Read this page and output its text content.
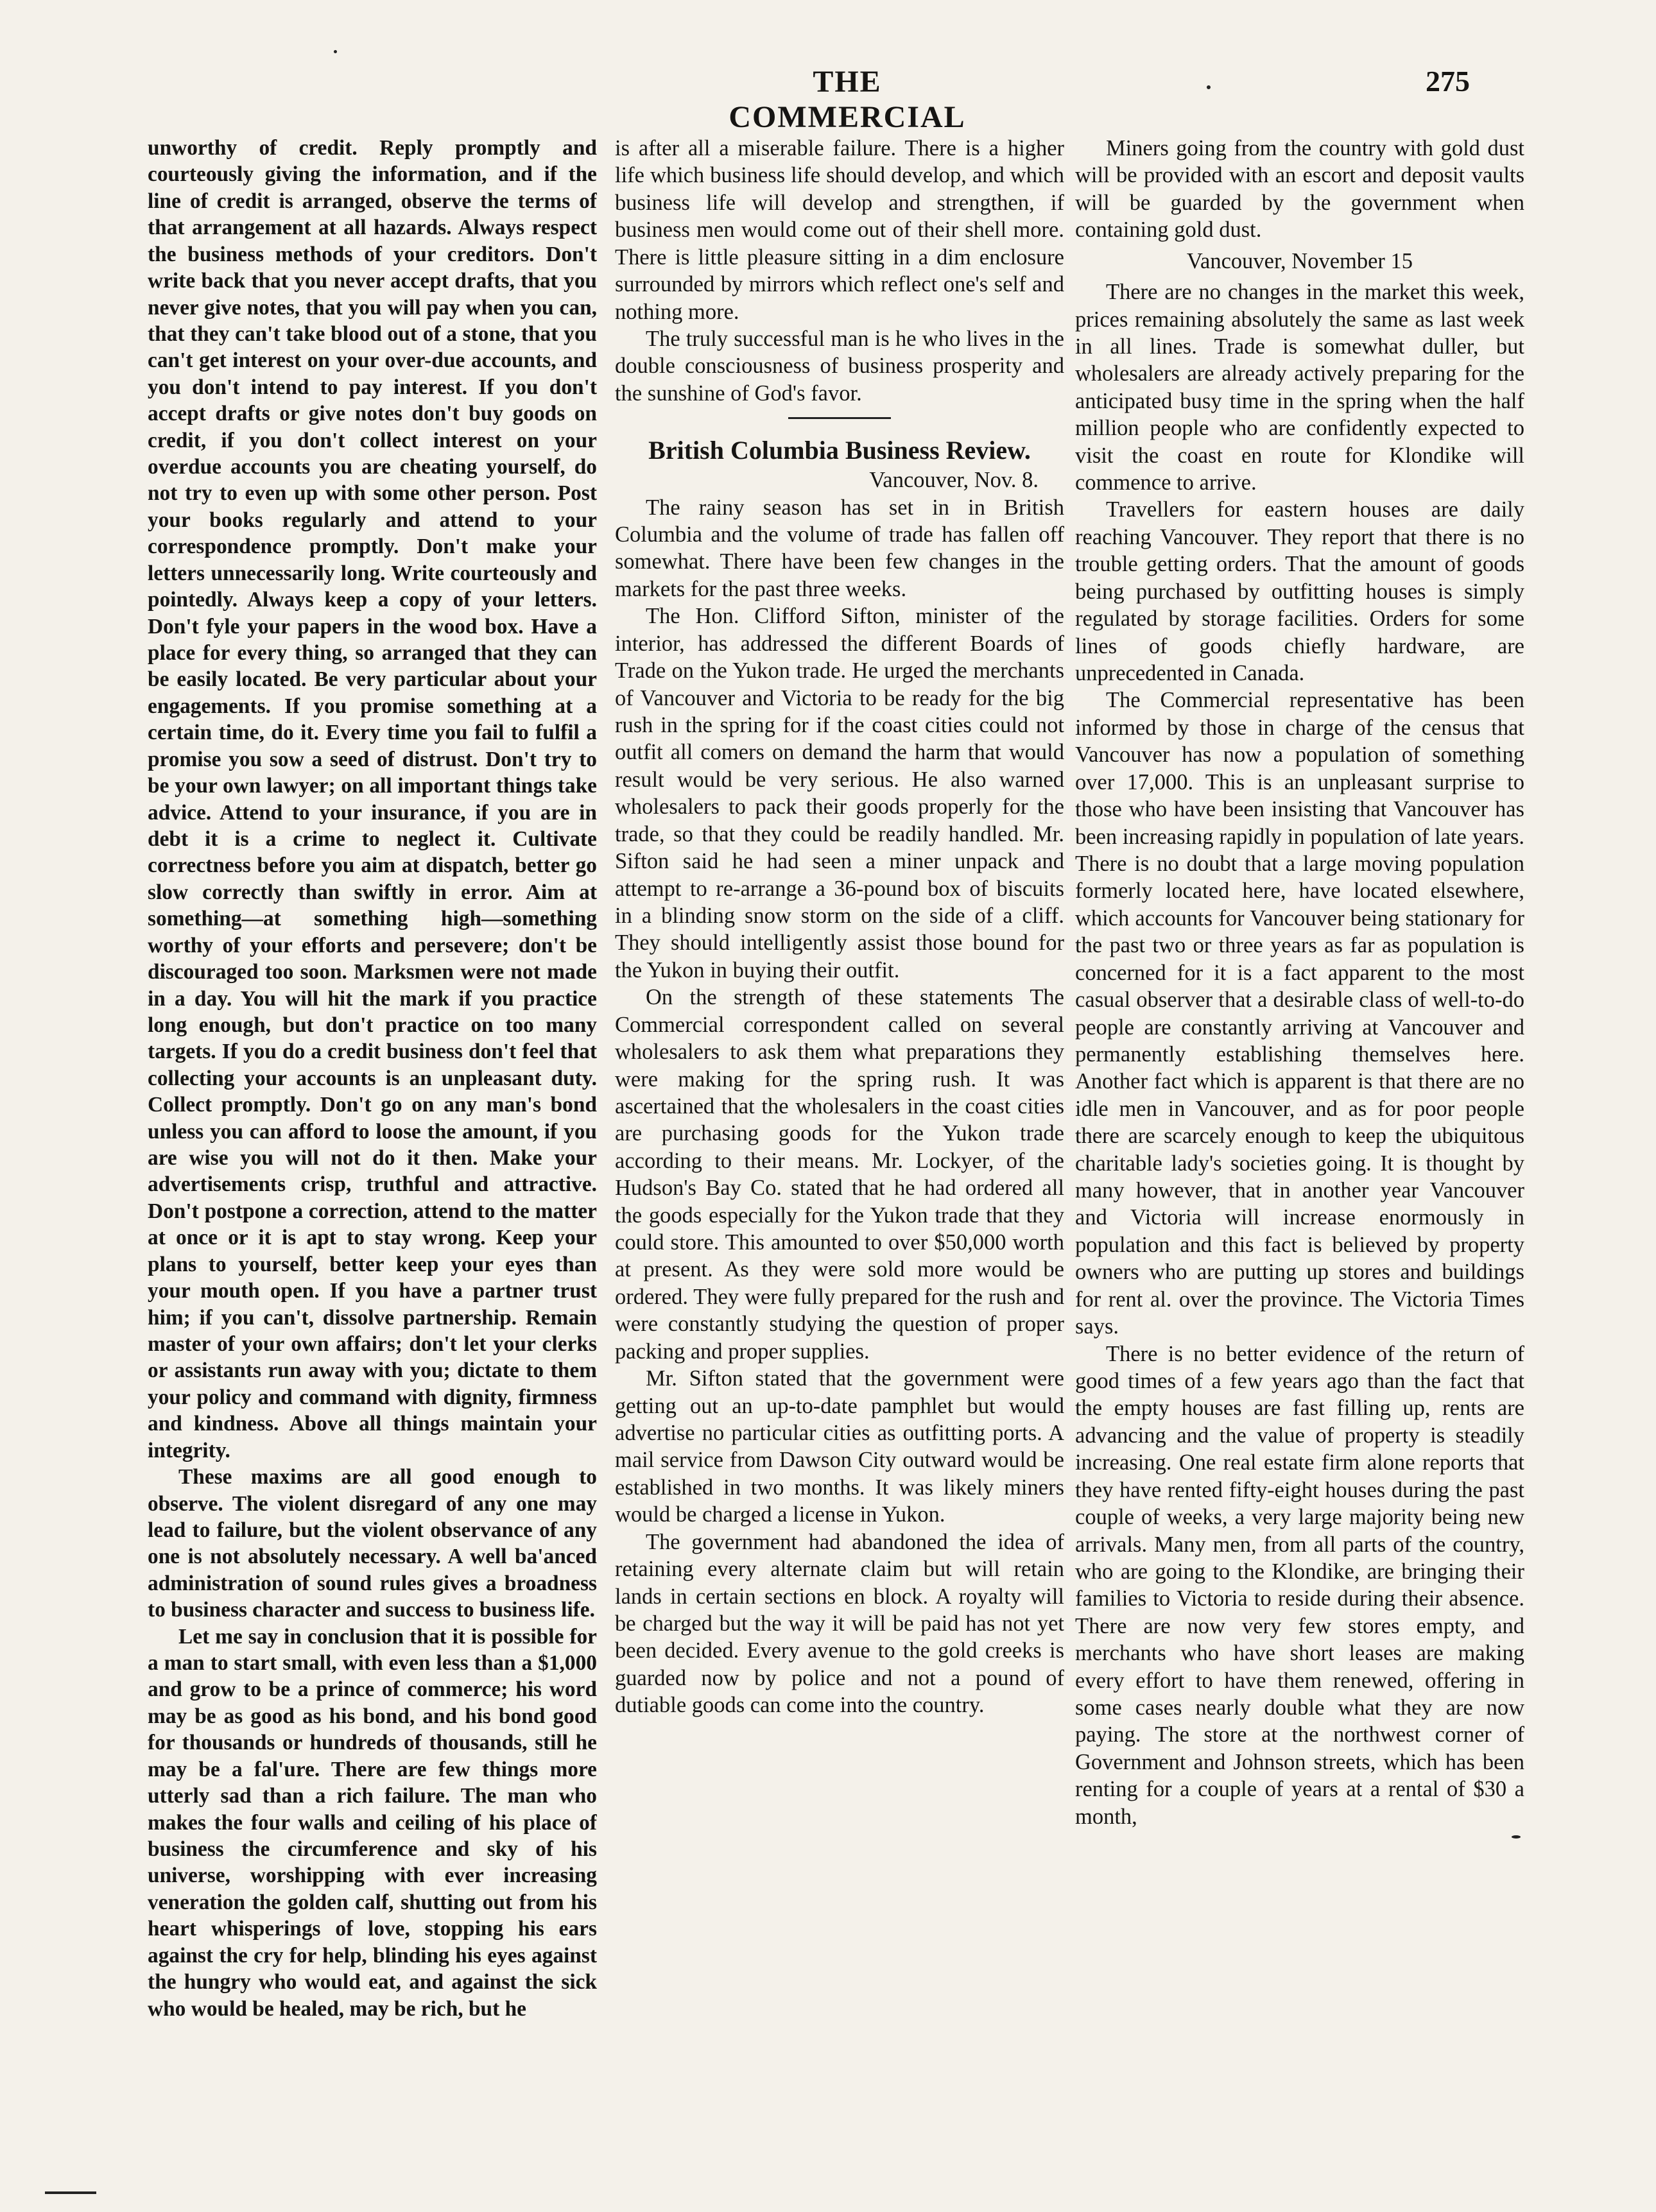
THE COMMERCIAL
275

unworthy of credit. Reply promptly and courteously giving the information, and if the line of credit is arranged, observe the terms of that arrangement at all hazards. Always respect the business methods of your creditors. Don't write back that you never accept drafts, that you never give notes, that you will pay when you can, that they can't take blood out of a stone, that you can't get interest on your over-due accounts, and you don't intend to pay interest. If you don't accept drafts or give notes don't buy goods on credit, if you don't collect interest on your overdue accounts you are cheating yourself, do not try to even up with some other person. Post your books regularly and attend to your correspondence promptly. Don't make your letters unnecessarily long. Write courteously and pointedly. Always keep a copy of your letters. Don't fyle your papers in the wood box. Have a place for every thing, so arranged that they can be easily located. Be very particular about your engagements. If you promise something at a certain time, do it. Every time you fail to fulfil a promise you sow a seed of distrust. Don't try to be your own lawyer; on all important things take advice. Attend to your insurance, if you are in debt it is a crime to neglect it. Cultivate correctness before you aim at dispatch, better go slow correctly than swiftly in error. Aim at something—at something high—something worthy of your efforts and persevere; don't be discouraged too soon. Marksmen were not made in a day. You will hit the mark if you practice long enough, but don't practice on too many targets. If you do a credit business don't feel that collecting your accounts is an unpleasant duty. Collect promptly. Don't go on any man's bond unless you can afford to loose the amount, if you are wise you will not do it then. Make your advertisements crisp, truthful and attractive. Don't postpone a correction, attend to the matter at once or it is apt to stay wrong. Keep your plans to yourself, better keep your eyes than your mouth open. If you have a partner trust him; if you can't, dissolve partnership. Remain master of your own affairs; don't let your clerks or assistants run away with you; dictate to them your policy and command with dignity, firmness and kindness. Above all things maintain your integrity.

These maxims are all good enough to observe. The violent disregard of any one may lead to failure, but the violent observance of any one is not absolutely necessary. A well ba'anced administration of sound rules gives a broadness to business character and success to business life.

Let me say in conclusion that it is possible for a man to start small, with even less than a $1,000 and grow to be a prince of commerce; his word may be as good as his bond, and his bond good for thousands or hundreds of thousands, still he may be a fal'ure. There are few things more utterly sad than a rich failure. The man who makes the four walls and ceiling of his place of business the circumference and sky of his universe, worshipping with ever increasing veneration the golden calf, shutting out from his heart whisperings of love, stopping his ears against the cry for help, blinding his eyes against the hungry who would eat, and against the sick who would be healed, may be rich, but he

is after all a miserable failure. There is a higher life which business life should develop, and which business life will develop and strengthen, if business men would come out of their shell more. There is little pleasure sitting in a dim enclosure surrounded by mirrors which reflect one's self and nothing more.

The truly successful man is he who lives in the double consciousness of business prosperity and the sunshine of God's favor.

British Columbia Business Review.

Vancouver, Nov. 8.

The rainy season has set in in British Columbia and the volume of trade has fallen off somewhat. There have been few changes in the markets for the past three weeks.

The Hon. Clifford Sifton, minister of the interior, has addressed the different Boards of Trade on the Yukon trade. He urged the merchants of Vancouver and Victoria to be ready for the big rush in the spring for if the coast cities could not outfit all comers on demand the harm that would result would be very serious. He also warned wholesalers to pack their goods properly for the trade, so that they could be readily handled. Mr. Sifton said he had seen a miner unpack and attempt to re-arrange a 36-pound box of biscuits in a blinding snow storm on the side of a cliff. They should intelligently assist those bound for the Yukon in buying their outfit.

On the strength of these statements The Commercial correspondent called on several wholesalers to ask them what preparations they were making for the spring rush. It was ascertained that the wholesalers in the coast cities are purchasing goods for the Yukon trade according to their means. Mr. Lockyer, of the Hudson's Bay Co. stated that he had ordered all the goods especially for the Yukon trade that they could store. This amounted to over $50,000 worth at present. As they were sold more would be ordered. They were fully prepared for the rush and were constantly studying the question of proper packing and proper supplies.

Mr. Sifton stated that the government were getting out an up-to-date pamphlet but would advertise no particular cities as outfitting ports. A mail service from Dawson City outward would be established in two months. It was likely miners would be charged a license in Yukon.

The government had abandoned the idea of retaining every alternate claim but will retain lands in certain sections en block. A royalty will be charged but the way it will be paid has not yet been decided. Every avenue to the gold creeks is guarded now by police and not a pound of dutiable goods can come into the country.

Miners going from the country with gold dust will be provided with an escort and deposit vaults will be guarded by the government when containing gold dust.

Vancouver, November 15

There are no changes in the market this week, prices remaining absolutely the same as last week in all lines. Trade is somewhat duller, but wholesalers are already actively preparing for the anticipated busy time in the spring when the half million people who are confidently expected to visit the coast en route for Klondike will commence to arrive.

Travellers for eastern houses are daily reaching Vancouver. They report that there is no trouble getting orders. That the amount of goods being purchased by outfitting houses is simply regulated by storage facilities. Orders for some lines of goods chiefly hardware, are unprecedented in Canada.

The Commercial representative has been informed by those in charge of the census that Vancouver has now a population of something over 17,000. This is an unpleasant surprise to those who have been insisting that Vancouver has been increasing rapidly in population of late years. There is no doubt that a large moving population formerly located here, have located elsewhere, which accounts for Vancouver being stationary for the past two or three years as far as population is concerned for it is a fact apparent to the most casual observer that a desirable class of well-to-do people are constantly arriving at Vancouver and permanently establishing themselves here. Another fact which is apparent is that there are no idle men in Vancouver, and as for poor people there are scarcely enough to keep the ubiquitous charitable lady's societies going. It is thought by many however, that in another year Vancouver and Victoria will increase enormously in population and this fact is believed by property owners who are putting up stores and buildings for rent al. over the province. The Victoria Times says.

There is no better evidence of the return of good times of a few years ago than the fact that the empty houses are fast filling up, rents are advancing and the value of property is steadily increasing. One real estate firm alone reports that they have rented fifty-eight houses during the past couple of weeks, a very large majority being new arrivals. Many men, from all parts of the country, who are going to the Klondike, are bringing their families to Victoria to reside during their absence. There are now very few stores empty, and merchants who have short leases are making every effort to have them renewed, offering in some cases nearly double what they are now paying. The store at the northwest corner of Government and Johnson streets, which has been renting for a couple of years at a rental of $30 a month,
